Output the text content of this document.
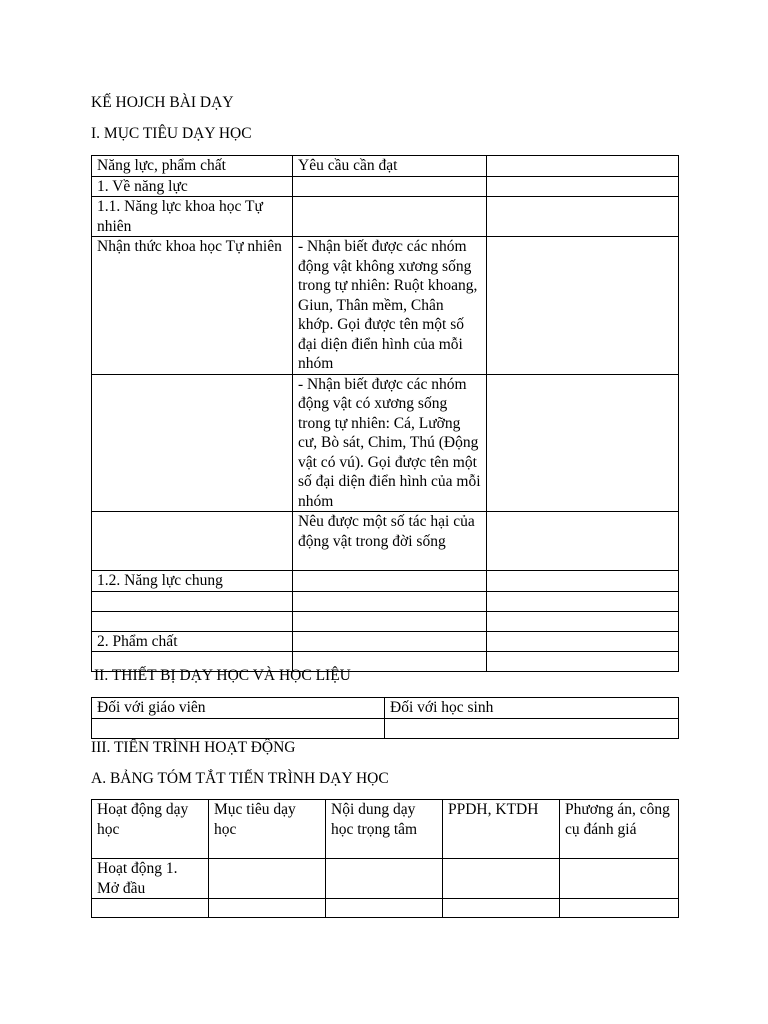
KẾ HOJCH BÀI DẠY
I. MỤC TIÊU DẠY HỌC
Năng lực, phẩm chất	Yêu cầu cần đạt	
1. Về năng lực		
1.1. Năng lực khoa học Tự nhiên		
Nhận thức khoa học Tự nhiên	- Nhận biết được các nhóm động vật không xương sống trong tự nhiên: Ruột khoang, Giun, Thân mềm, Chân khớp. Gọi được tên một số đại diện điển hình của mỗi nhóm	
	- Nhận biết được các nhóm động vật có xương sống trong tự nhiên: Cá, Lưỡng cư, Bò sát, Chim, Thú (Động vật có vú). Gọi được tên một số đại diện điển hình của mỗi nhóm	
	Nêu được một số tác hại của động vật trong đời sống	
1.2. Năng lực chung		

2. Phẩm chất		

II. THIẾT BỊ DẠY HỌC VÀ HỌC LIỆU
Đối với giáo viên	Đối với học sinh

III. TIẾN TRÌNH HOẠT ĐỘNG
A. BẢNG TÓM TẮT TIẾN TRÌNH DẠY HỌC
Hoạt động dạy học	Mục tiêu dạy học	Nội dung dạy học trọng tâm	PPDH, KTDH	Phương án, công cụ đánh giá
Hoạt động 1. Mở đầu				
